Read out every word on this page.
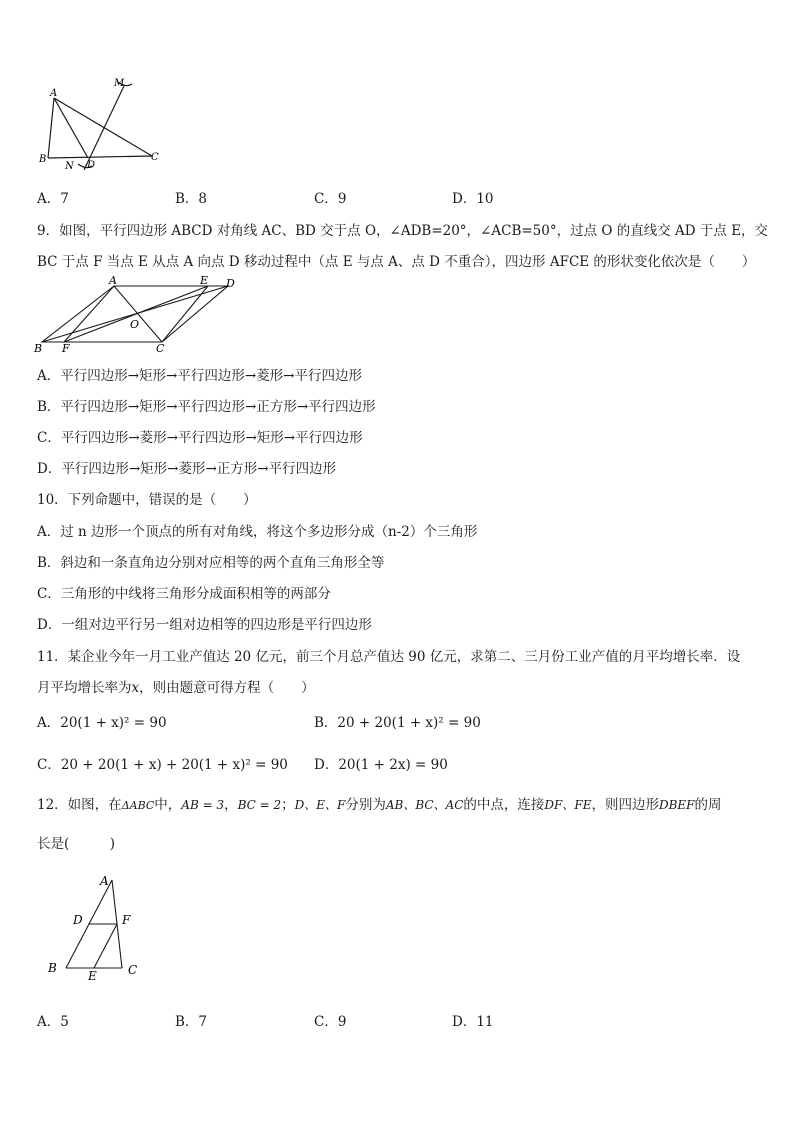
A
M
B
N D
C
A．7	B．8	C．9	D．10
9．如图，平行四边形 ABCD 对角线 AC、BD 交于点 O，∠ADB=20°，∠ACB=50°，过点 O 的直线交 AD 于点 E，交
BC 于点 F 当点 E 从点 A 向点 D 移动过程中（点 E 与点 A、点 D 不重合），四边形 AFCE 的形状变化依次是（　　）
A	E D
O
B F	C
A．平行四边形→矩形→平行四边形→菱形→平行四边形
B．平行四边形→矩形→平行四边形→正方形→平行四边形
C．平行四边形→菱形→平行四边形→矩形→平行四边形
D．平行四边形→矩形→菱形→正方形→平行四边形
10．下列命题中，错误的是（　　）
A．过 n 边形一个顶点的所有对角线，将这个多边形分成（n-2）个三角形
B．斜边和一条直角边分别对应相等的两个直角三角形全等
C．三角形的中线将三角形分成面积相等的两部分
D．一组对边平行另一组对边相等的四边形是平行四边形
11．某企业今年一月工业产值达 20 亿元，前三个月总产值达 90 亿元，求第二、三月份工业产值的月平均增长率．设
月平均增长率为x，则由题意可得方程（　　）
A．20(1 + x)² = 90	B．20 + 20(1 + x)² = 90
C．20 + 20(1 + x) + 20(1 + x)² = 90 D．20(1 + 2x) = 90
12．如图，在ΔABC中，AB = 3，BC = 2；D、E、F分别为AB、BC、AC的中点，连接DF、FE，则四边形DBEF的周
长是(　　　)
A
D	F
B
E	C
A．5	B．7	C．9	D．11
